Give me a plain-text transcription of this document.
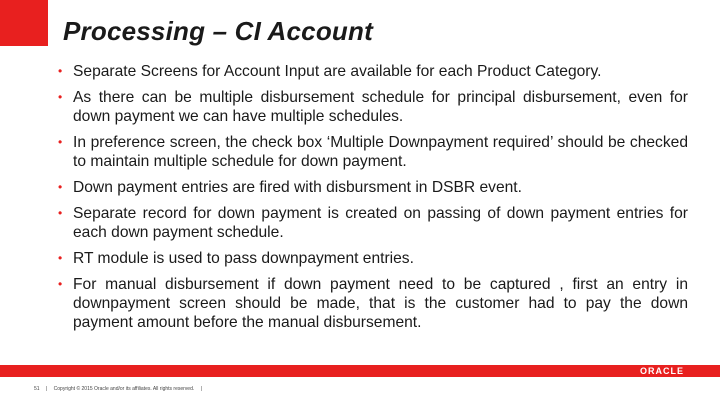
Processing – CI Account
• Separate Screens for Account Input are available for each Product Category.
• As there can be multiple disbursement schedule for principal disbursement, even for down payment we can have multiple schedules.
• In preference screen, the check box ‘Multiple Downpayment required’ should be checked to maintain multiple schedule for down payment.
• Down payment entries are fired with disbursment in DSBR event.
• Separate record for down payment is created on passing of down payment entries for each down payment schedule.
• RT module is used to pass downpayment entries.
• For manual disbursement if down payment need to be captured , first an entry in downpayment screen should be made, that is the customer had to pay the down payment amount before the manual disbursement.
ORACLE
51 | Copyright © 2015 Oracle and/or its affiliates. All rights reserved. |
